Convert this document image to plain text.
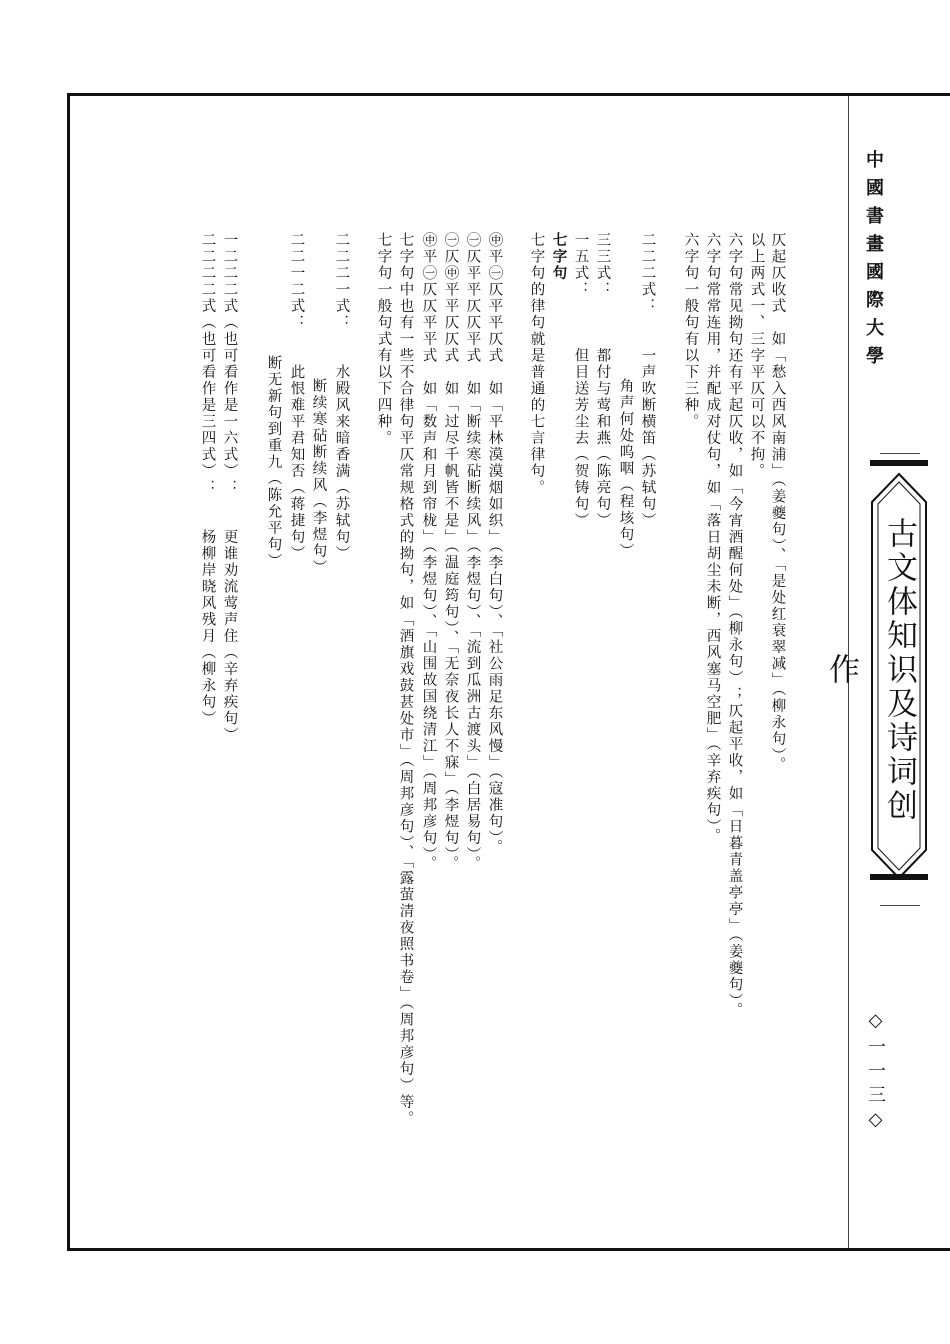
中國書畫國際大學
古文体知识及诗词创作
◇一一三◇
仄起仄收式　如「愁入西风南浦」（姜夔句）、「是处红衰翠减」（柳永句）。
以上两式一、三字平仄可以不拘。
六字句常见拗句还有平起仄收，如「今宵酒醒何处」（柳永句）；仄起平收，如「日暮青盖亭亭」（姜夔句）。
六字句常常连用，并配成对仗句，如「落日胡尘未断，西风塞马空肥」（辛弃疾句）。
六字句一般句有以下三种。
二二二式：　　一声吹断横笛（苏轼句）
角声何处呜咽（程垓句）
三三式：　　　都付与莺和燕（陈亮句）
一五式：　　　但目送芳尘去（贺铸句）
七字句
七字句的律句就是普通的七言律句。
㊥平㊀仄平平仄式　如「平林漠漠烟如织」（李白句）、「社公雨足东风慢」（寇准句）。
㊀仄平平仄仄平式　如「断续寒砧断续风」（李煜句）、「流到瓜洲古渡头」（白居易句）。
㊀仄㊥平平仄仄式　如「过尽千帆皆不是」（温庭筠句）、「无奈夜长人不寐」（李煜句）。
㊥平㊀仄仄平平式　如「数声和月到帘栊」（李煜句）、「山围故国绕清江」（周邦彦句）。
七字句中也有一些不合律句平仄常规格式的拗句，如「酒旗戏鼓甚处市」（周邦彦句）、「露萤清夜照书卷」（周邦彦句）等。
七字句一般句式有以下四种。
二二二一式：　　水殿风来暗香满（苏轼句）
断续寒砧断续风（李煜句）
二二一二式：　　此恨难平君知否（蒋捷句）
断无新句到重九（陈允平句）
一二二二式（也可看作是一六式）：　　更谁劝流莺声住（辛弃疾句）
二二二二式（也可看作是三四式）：　　杨柳岸晓风残月（柳永句）
